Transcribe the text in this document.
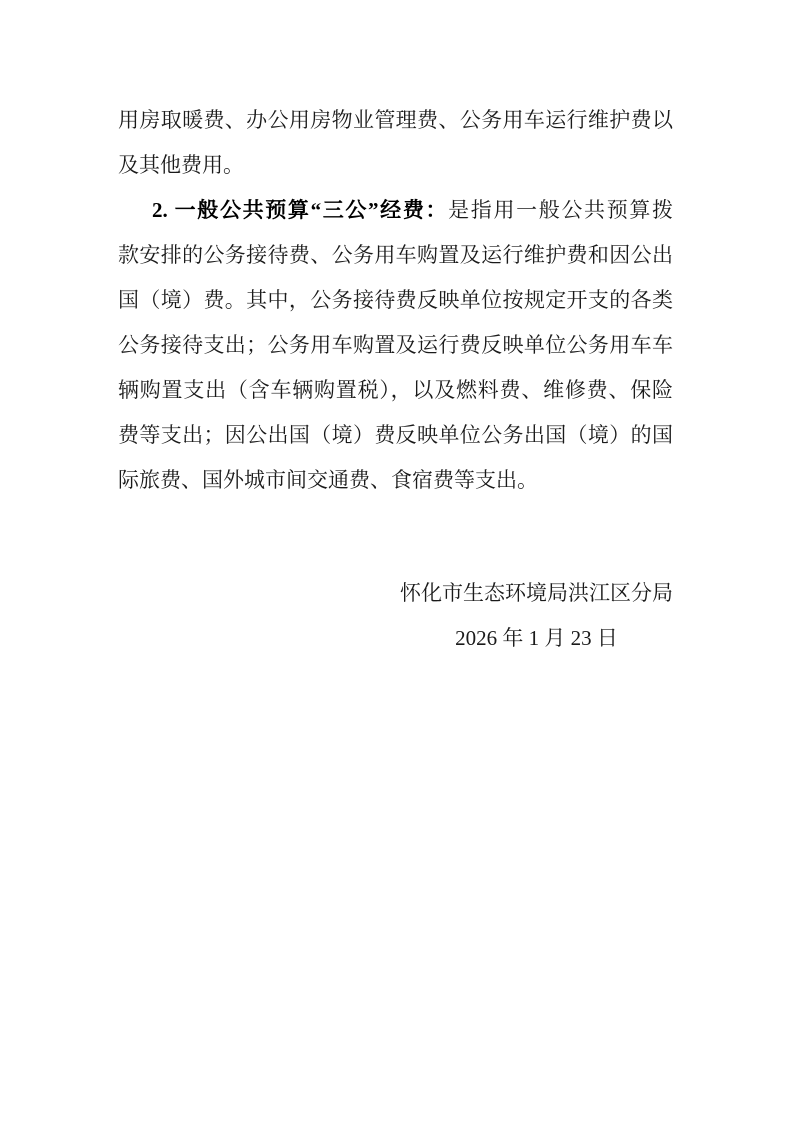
用房取暖费、办公用房物业管理费、公务用车运行维护费以
及其他费用。
2. 一般公共预算“三公”经费：是指用一般公共预算拨
款安排的公务接待费、公务用车购置及运行维护费和因公出
国（境）费。其中，公务接待费反映单位按规定开支的各类
公务接待支出；公务用车购置及运行费反映单位公务用车车
辆购置支出（含车辆购置税），以及燃料费、维修费、保险
费等支出；因公出国（境）费反映单位公务出国（境）的国
际旅费、国外城市间交通费、食宿费等支出。
怀化市生态环境局洪江区分局
2026 年 1 月 23 日
